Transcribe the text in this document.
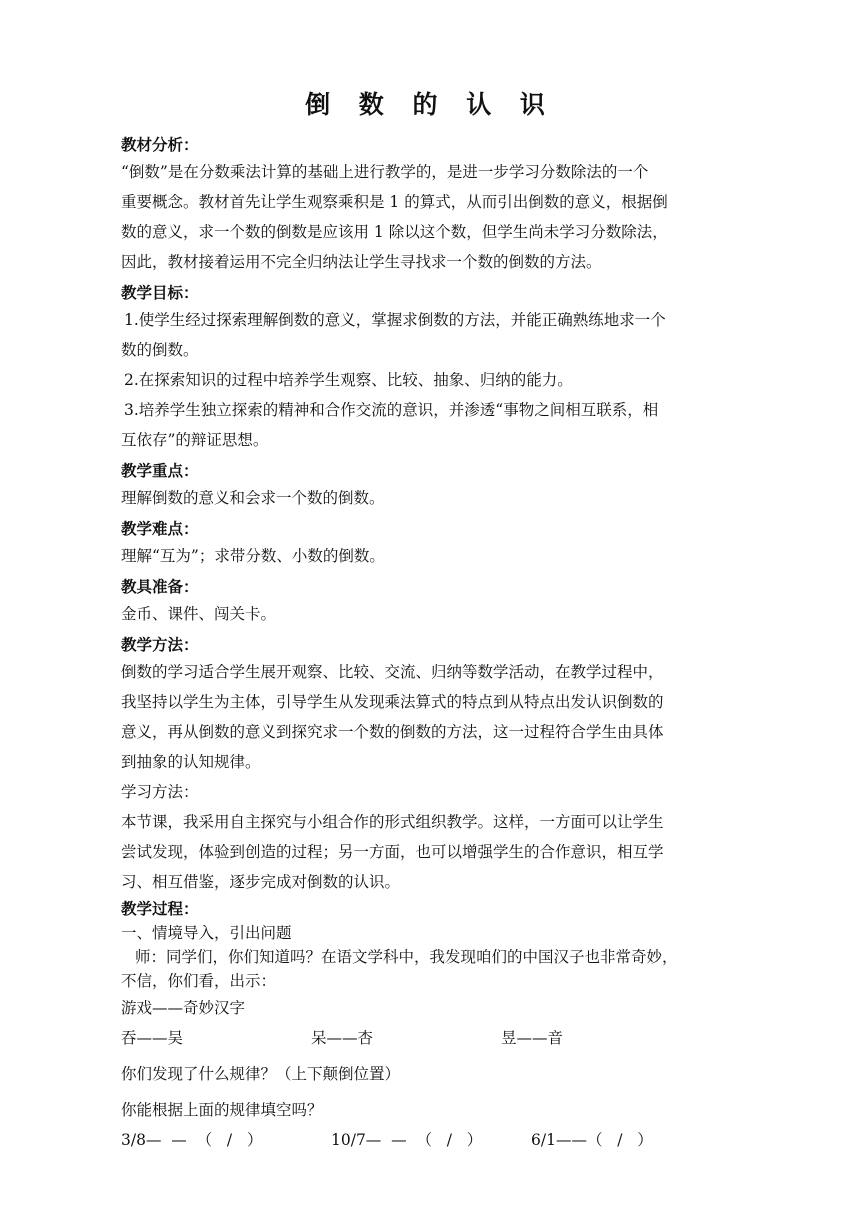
倒 数 的 认 识

教材分析：

“倒数”是在分数乘法计算的基础上进行教学的，是进一步学习分数除法的一个

重要概念。教材首先让学生观察乘积是 1 的算式，从而引出倒数的意义，根据倒

数的意义，求一个数的倒数是应该用 1 除以这个数，但学生尚未学习分数除法，

因此，教材接着运用不完全归纳法让学生寻找求一个数的倒数的方法。

教学目标：

1.使学生经过探索理解倒数的意义，掌握求倒数的方法，并能正确熟练地求一个

数的倒数。

2.在探索知识的过程中培养学生观察、比较、抽象、归纳的能力。

3.培养学生独立探索的精神和合作交流的意识，并渗透“事物之间相互联系，相

互依存”的辩证思想。

教学重点：

理解倒数的意义和会求一个数的倒数。

教学难点：

理解“互为”；求带分数、小数的倒数。

教具准备：

金币、课件、闯关卡。

教学方法：

倒数的学习适合学生展开观察、比较、交流、归纳等数学活动，在教学过程中，

我坚持以学生为主体，引导学生从发现乘法算式的特点到从特点出发认识倒数的

意义，再从倒数的意义到探究求一个数的倒数的方法，这一过程符合学生由具体

到抽象的认知规律。

学习方法：

本节课，我采用自主探究与小组合作的形式组织教学。这样，一方面可以让学生

尝试发现，体验到创造的过程；另一方面，也可以增强学生的合作意识，相互学

习、相互借鉴，逐步完成对倒数的认识。

教学过程：

一、情境导入，引出问题

师：同学们，你们知道吗？在语文学科中，我发现咱们的中国汉子也非常奇妙，

不信，你们看，出示：

游戏——奇妙汉字

吞——吴	呆——杏	昱——音

你们发现了什么规律？（上下颠倒位置）

你能根据上面的规律填空吗？

3/8—  —  （   /   ）	10/7—  —  （   /   ）	6/1——（   /   ）
